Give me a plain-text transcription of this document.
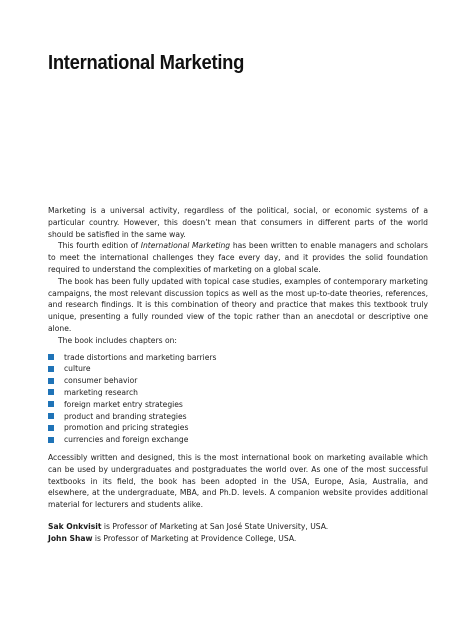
International Marketing

Marketing is a universal activity, regardless of the political, social, or economic systems of a particular country. However, this doesn’t mean that consumers in different parts of the world should be satisfied in the same way.

This fourth edition of International Marketing has been written to enable managers and scholars to meet the international challenges they face every day, and it provides the solid foundation required to understand the complexities of marketing on a global scale.

The book has been fully updated with topical case studies, examples of contemporary marketing campaigns, the most relevant discussion topics as well as the most up-to-date theories, references, and research findings. It is this combination of theory and practice that makes this textbook truly unique, presenting a fully rounded view of the topic rather than an anecdotal or descriptive one alone.

The book includes chapters on:

trade distortions and marketing barriers
culture
consumer behavior
marketing research
foreign market entry strategies
product and branding strategies
promotion and pricing strategies
currencies and foreign exchange

Accessibly written and designed, this is the most international book on marketing available which can be used by undergraduates and postgraduates the world over. As one of the most successful textbooks in its field, the book has been adopted in the USA, Europe, Asia, Australia, and elsewhere, at the undergraduate, MBA, and Ph.D. levels. A companion website provides additional material for lecturers and students alike.

Sak Onkvisit is Professor of Marketing at San José State University, USA.
John Shaw is Professor of Marketing at Providence College, USA.
